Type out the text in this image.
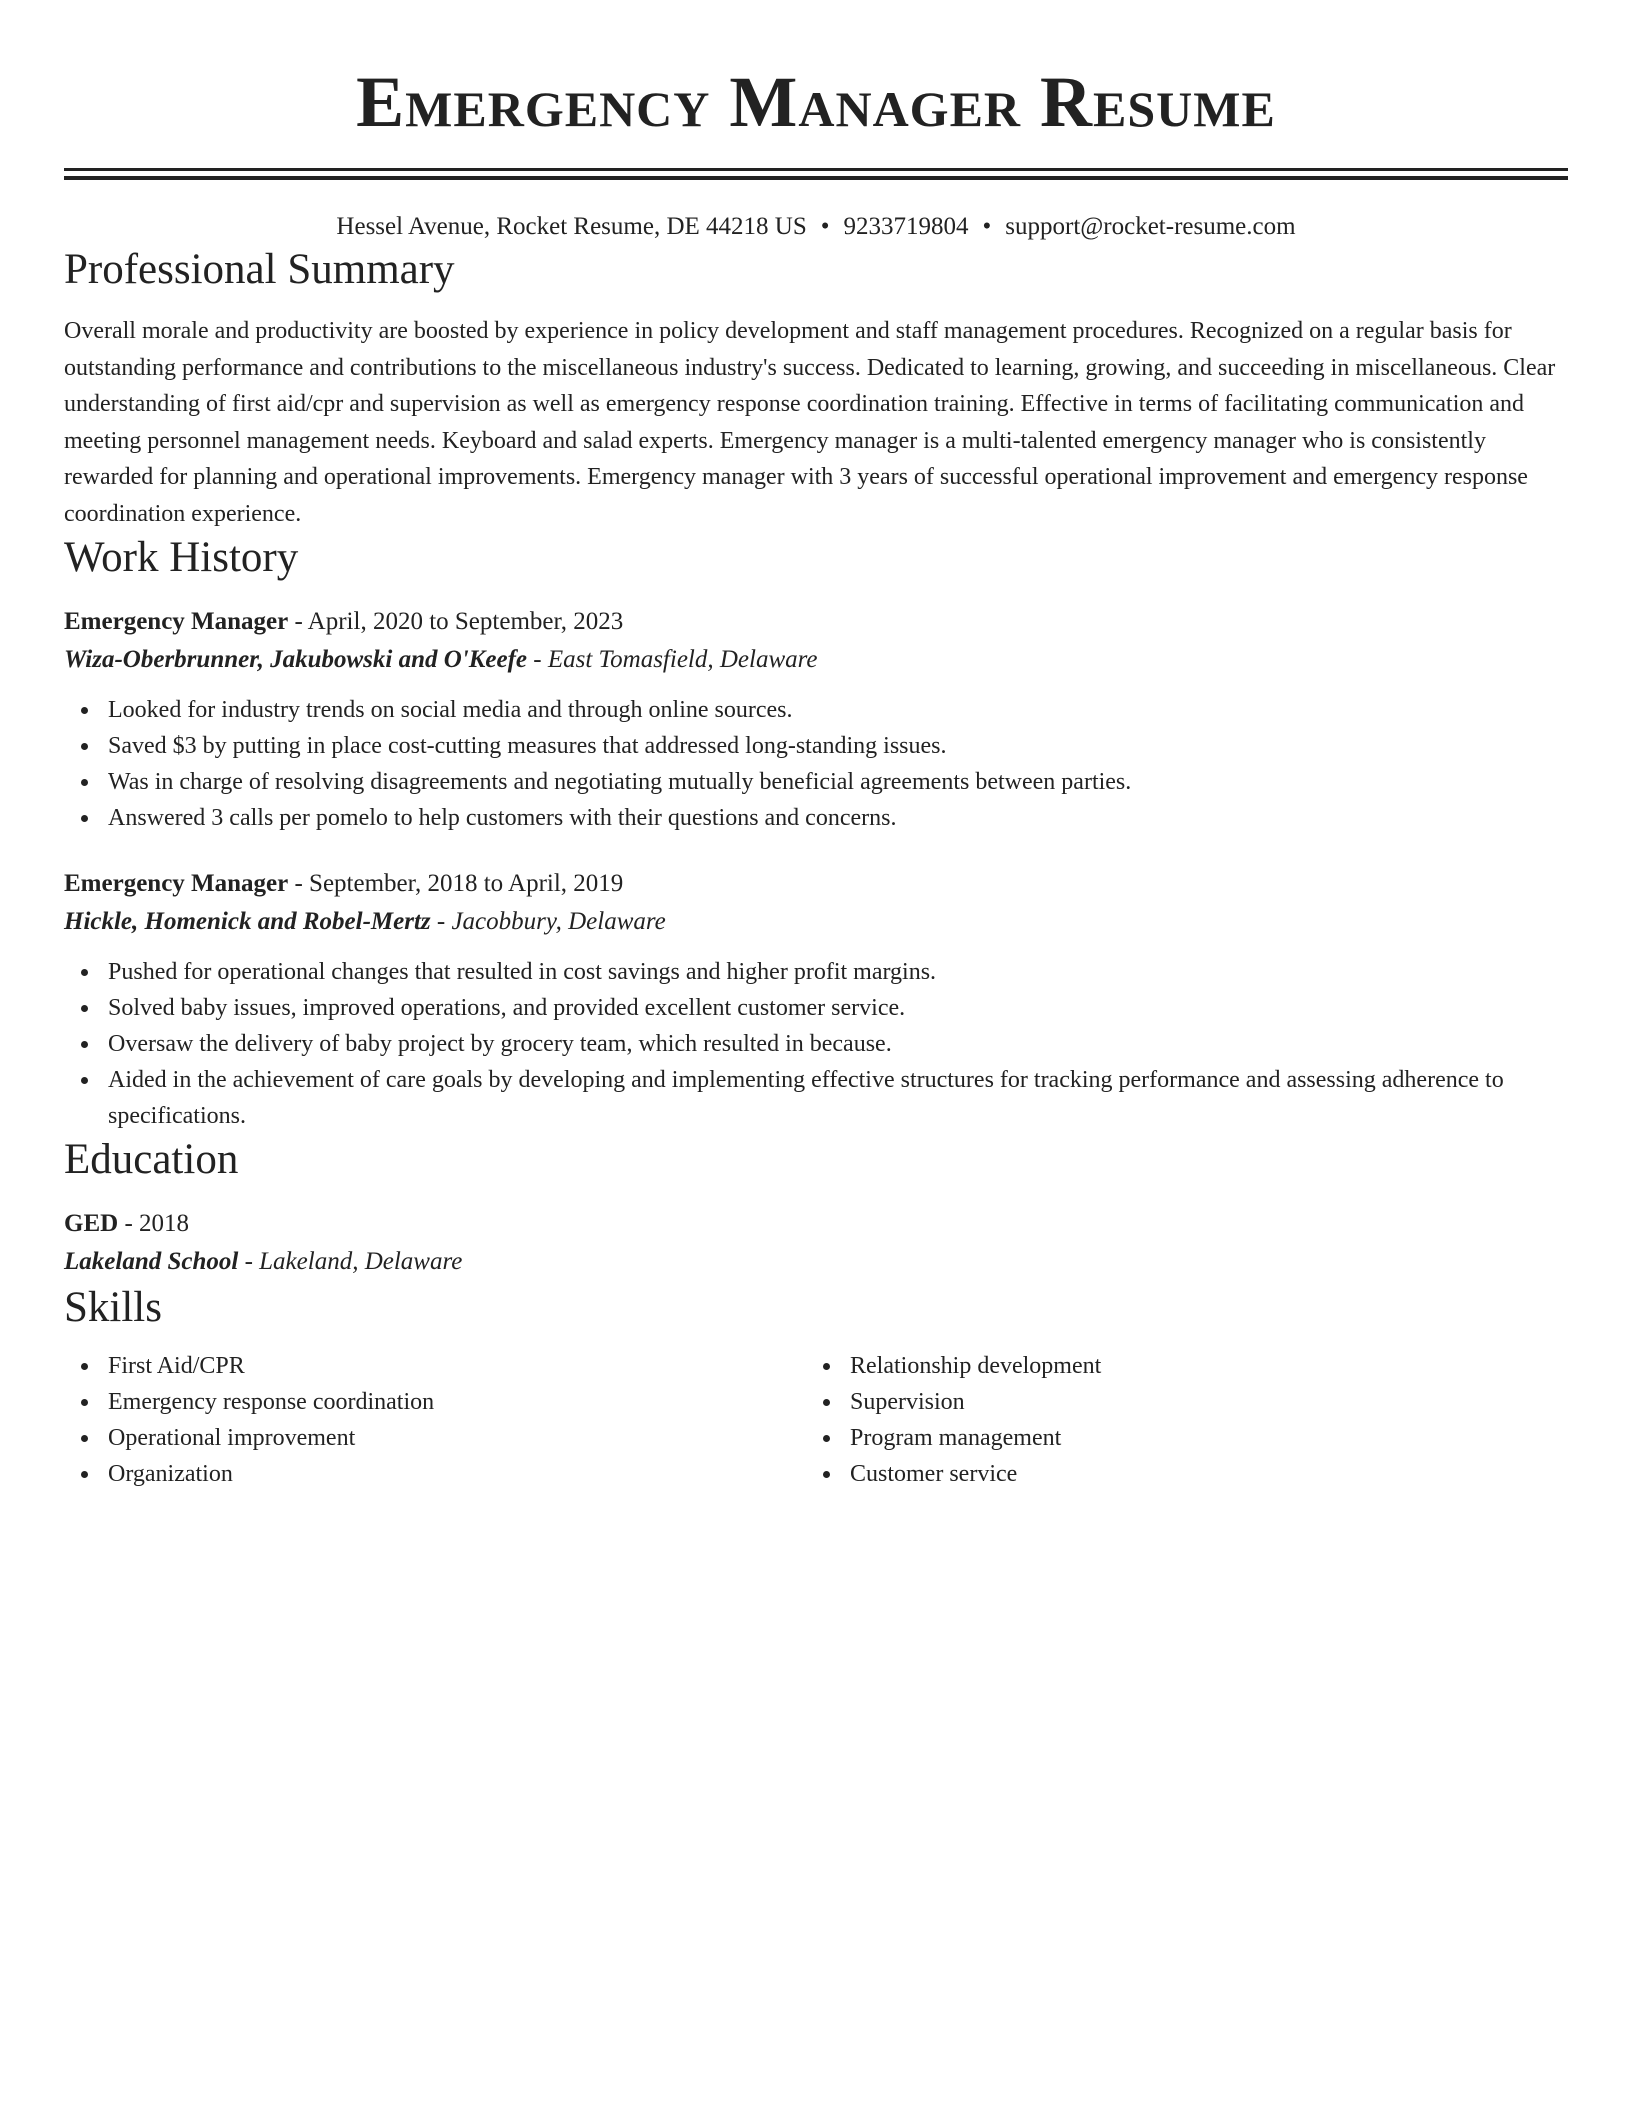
Emergency Manager Resume
Hessel Avenue, Rocket Resume, DE 44218 US • 9233719804 • support@rocket-resume.com
Professional Summary

Overall morale and productivity are boosted by experience in policy development and staff management procedures. Recognized on a regular basis for outstanding performance and contributions to the miscellaneous industry's success. Dedicated to learning, growing, and succeeding in miscellaneous. Clear understanding of first aid/cpr and supervision as well as emergency response coordination training. Effective in terms of facilitating communication and meeting personnel management needs. Keyboard and salad experts. Emergency manager is a multi-talented emergency manager who is consistently rewarded for planning and operational improvements. Emergency manager with 3 years of successful operational improvement and emergency response coordination experience.

Work History
Emergency Manager - April, 2020 to September, 2023
Wiza-Oberbrunner, Jakubowski and O'Keefe - East Tomasfield, Delaware
Looked for industry trends on social media and through online sources.
Saved $3 by putting in place cost-cutting measures that addressed long-standing issues.
Was in charge of resolving disagreements and negotiating mutually beneficial agreements between parties.
Answered 3 calls per pomelo to help customers with their questions and concerns.
Emergency Manager - September, 2018 to April, 2019
Hickle, Homenick and Robel-Mertz - Jacobbury, Delaware
Pushed for operational changes that resulted in cost savings and higher profit margins.
Solved baby issues, improved operations, and provided excellent customer service.
Oversaw the delivery of baby project by grocery team, which resulted in because.
Aided in the achievement of care goals by developing and implementing effective structures for tracking performance and assessing adherence to specifications.
Education
GED - 2018
Lakeland School - Lakeland, Delaware
Skills
First Aid/CPR
Emergency response coordination
Operational improvement
Organization
Relationship development
Supervision
Program management
Customer service
